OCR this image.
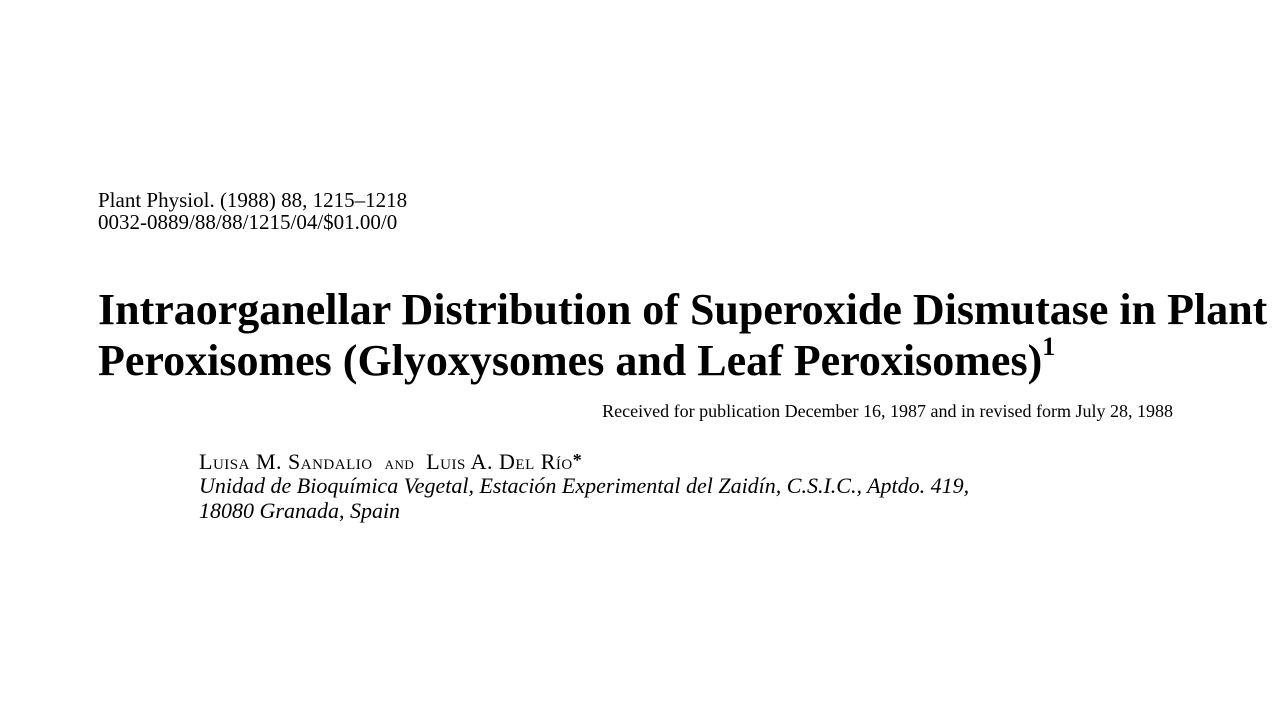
Plant Physiol. (1988) 88, 1215–1218
0032-0889/88/88/1215/04/$01.00/0
Intraorganellar Distribution of Superoxide Dismutase in Plant
Peroxisomes (Glyoxysomes and Leaf Peroxisomes)$^1$
Received for publication December 16, 1987 and in revised form July 28, 1988
Luisa M. Sandalio and Luis A. Del Río*
Unidad de Bioquímica Vegetal, Estación Experimental del Zaidín, C.S.I.C., Aptdo. 419,
18080 Granada, Spain
